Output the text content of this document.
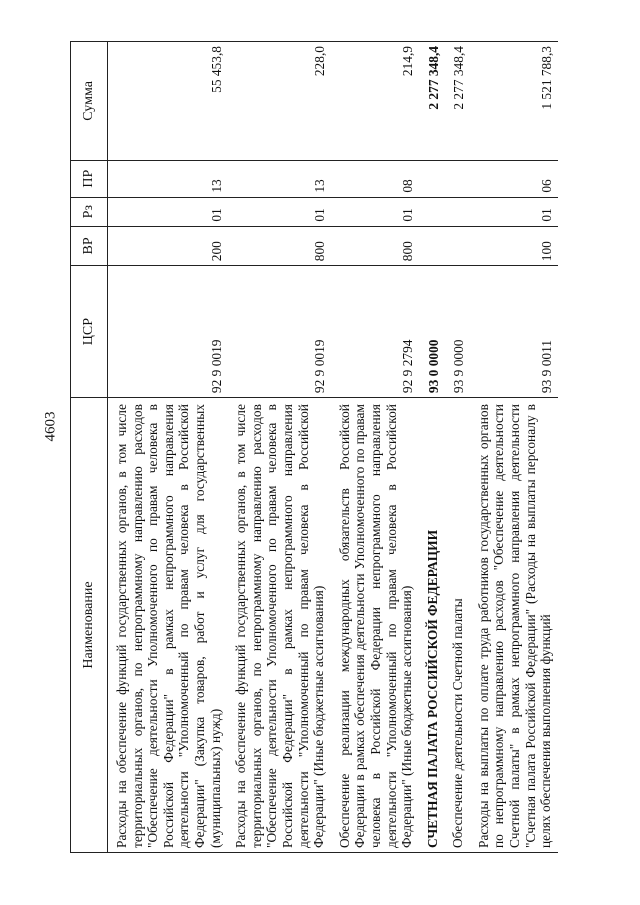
4603
Наименование	ЦСР	ВР	Рз	ПР	Сумма
Расходы на обеспечение функций государственных органов, в том числе территориальных органов, по непрограммному направлению расходов "Обеспечение деятельности Уполномоченного по правам человека в Российской Федерации" в рамках непрограммного направления деятельности "Уполномоченный по правам человека в Российской Федерации" (Закупка товаров, работ и услуг для государственных (муниципальных) нужд)	92 9 0019	200	01	13	55 453,8
Расходы на обеспечение функций государственных органов, в том числе территориальных органов, по непрограммному направлению расходов "Обеспечение деятельности Уполномоченного по правам человека в Российской Федерации" в рамках непрограммного направления деятельности "Уполномоченный по правам человека в Российской Федерации" (Иные бюджетные ассигнования)	92 9 0019	800	01	13	228,0
Обеспечение реализации международных обязательств Российской Федерации в рамках обеспечения деятельности Уполномоченного по правам человека в Российской Федерации непрограммного направления деятельности "Уполномоченный по правам человека в Российской Федерации" (Иные бюджетные ассигнования)	92 9 2794	800	01	08	214,9
СЧЕТНАЯ ПАЛАТА РОССИЙСКОЙ ФЕДЕРАЦИИ	93 0 0000				2 277 348,4
Обеспечение деятельности Счетной палаты	93 9 0000				2 277 348,4
Расходы на выплаты по оплате труда работников государственных органов по непрограммному направлению расходов "Обеспечение деятельности Счетной палаты" в рамках непрограммного направления деятельности "Счетная палата Российской Федерации" (Расходы на выплаты персоналу в целях обеспечения выполнения функций	93 9 0011	100	01	06	1 521 788,3
